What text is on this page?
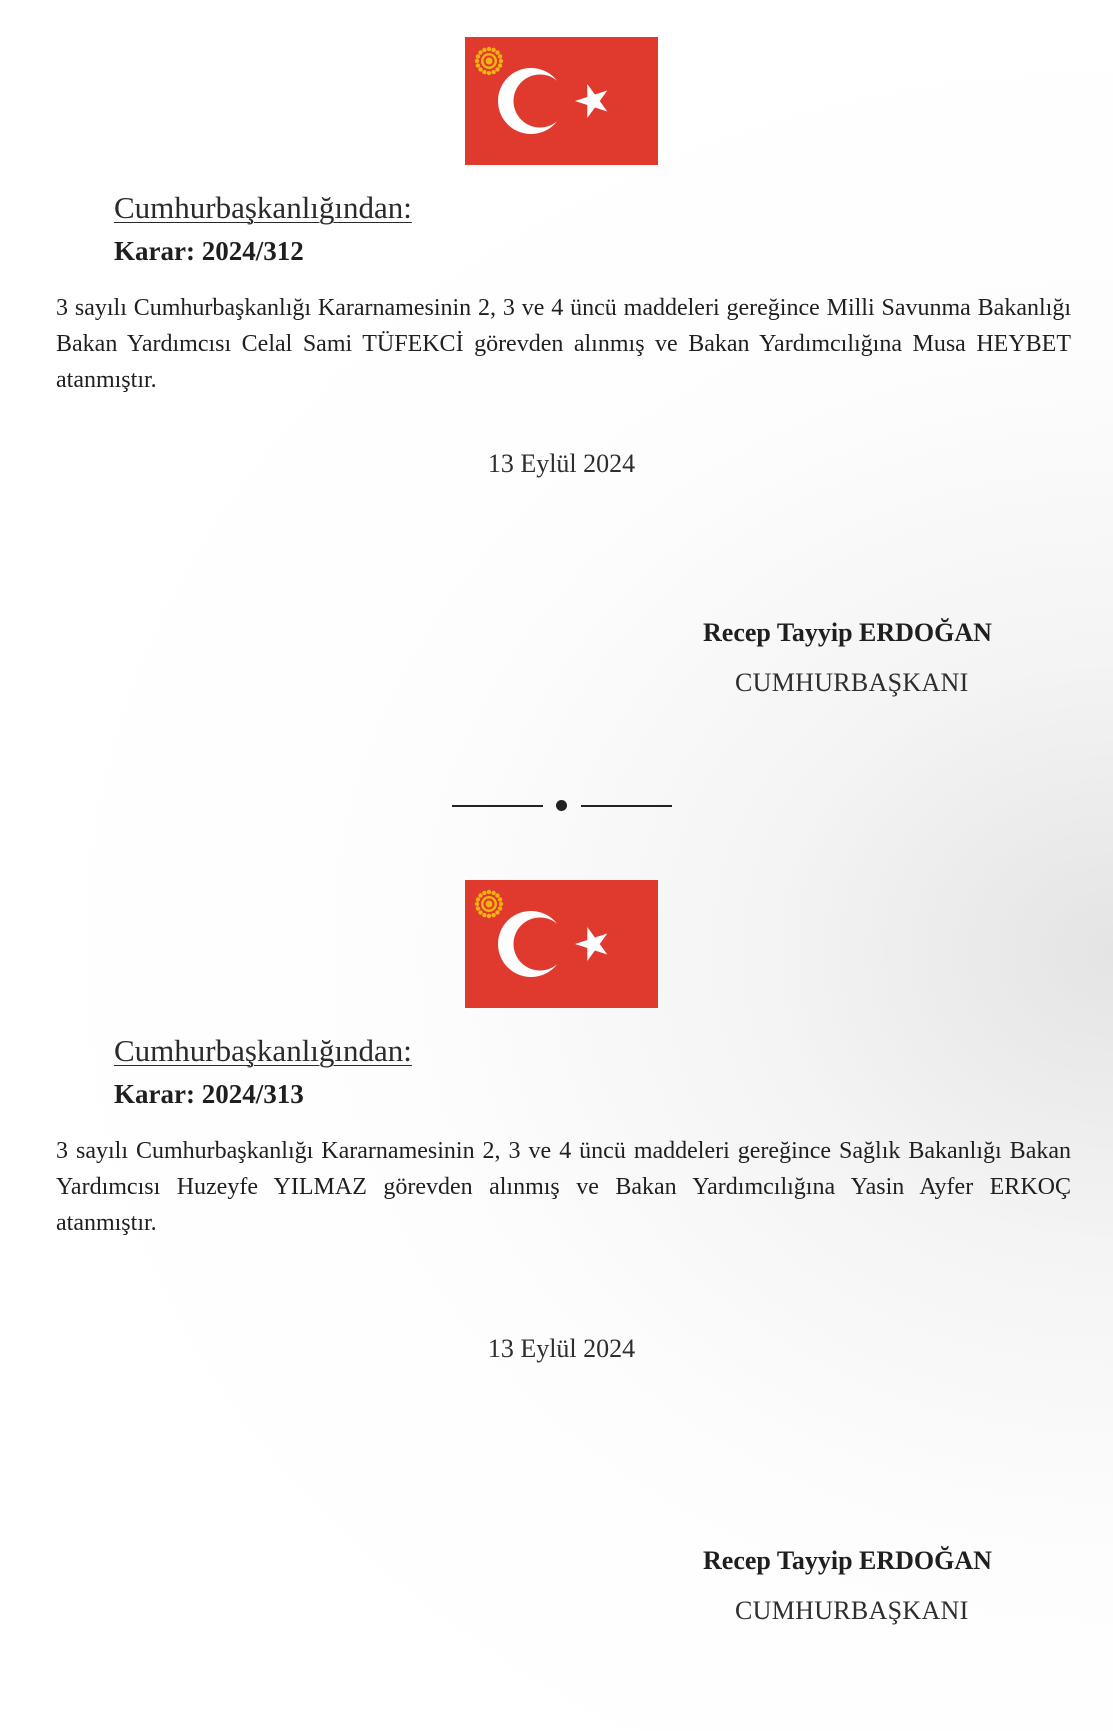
Cumhurbaşkanlığından:
Karar: 2024/312
3 sayılı Cumhurbaşkanlığı Kararnamesinin 2, 3 ve 4 üncü maddeleri gereğince Milli Savunma Bakanlığı Bakan Yardımcısı Celal Sami TÜFEKCİ görevden alınmış ve Bakan Yardımcılığına Musa HEYBET atanmıştır.
13 Eylül 2024
Recep Tayyip ERDOĞAN
CUMHURBAŞKANI
Cumhurbaşkanlığından:
Karar: 2024/313
3 sayılı Cumhurbaşkanlığı Kararnamesinin 2, 3 ve 4 üncü maddeleri gereğince Sağlık Bakanlığı Bakan Yardımcısı Huzeyfe YILMAZ görevden alınmış ve Bakan Yardımcılığına Yasin Ayfer ERKOÇ atanmıştır.
13 Eylül 2024
Recep Tayyip ERDOĞAN
CUMHURBAŞKANI
